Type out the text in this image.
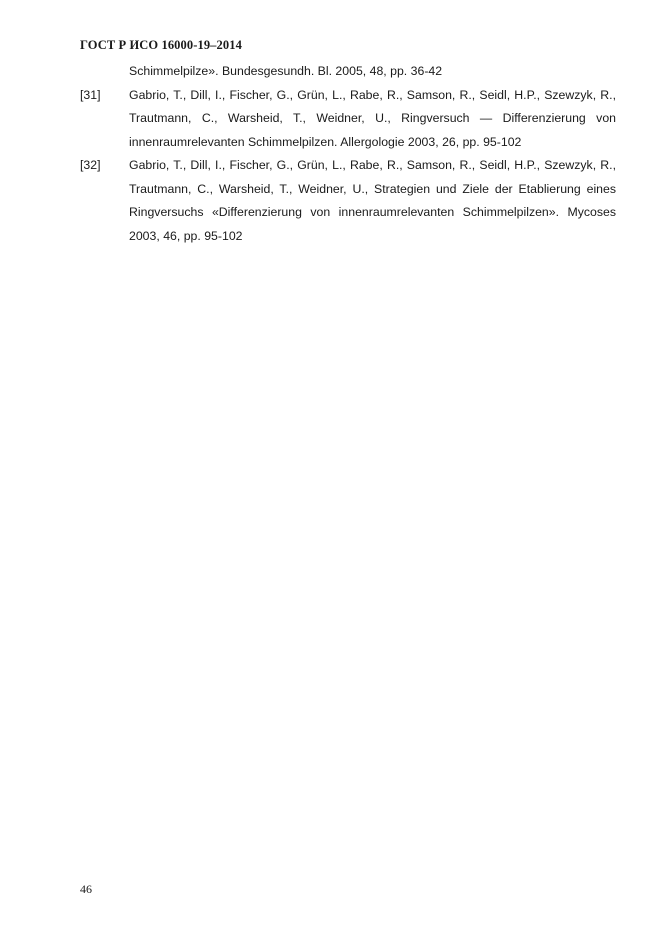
ГОСТ Р ИСО 16000-19–2014
Schimmelpilze». Bundesgesundh. Bl. 2005, 48, pp. 36-42
[31]	Gabrio, T., Dill, I., Fischer, G., Grün, L., Rabe, R., Samson, R., Seidl, H.P., Szewzyk, R., Trautmann, C., Warsheid, T., Weidner, U., Ringversuch — Differenzierung von innenraumrelevanten Schimmelpilzen. Allergologie 2003, 26, pp. 95-102
[32]	Gabrio, T., Dill, I., Fischer, G., Grün, L., Rabe, R., Samson, R., Seidl, H.P., Szewzyk, R., Trautmann, C., Warsheid, T., Weidner, U., Strategien und Ziele der Etablierung eines Ringversuchs «Differenzierung von innenraumrelevanten Schimmelpilzen». Mycoses 2003, 46, pp. 95-102
46
